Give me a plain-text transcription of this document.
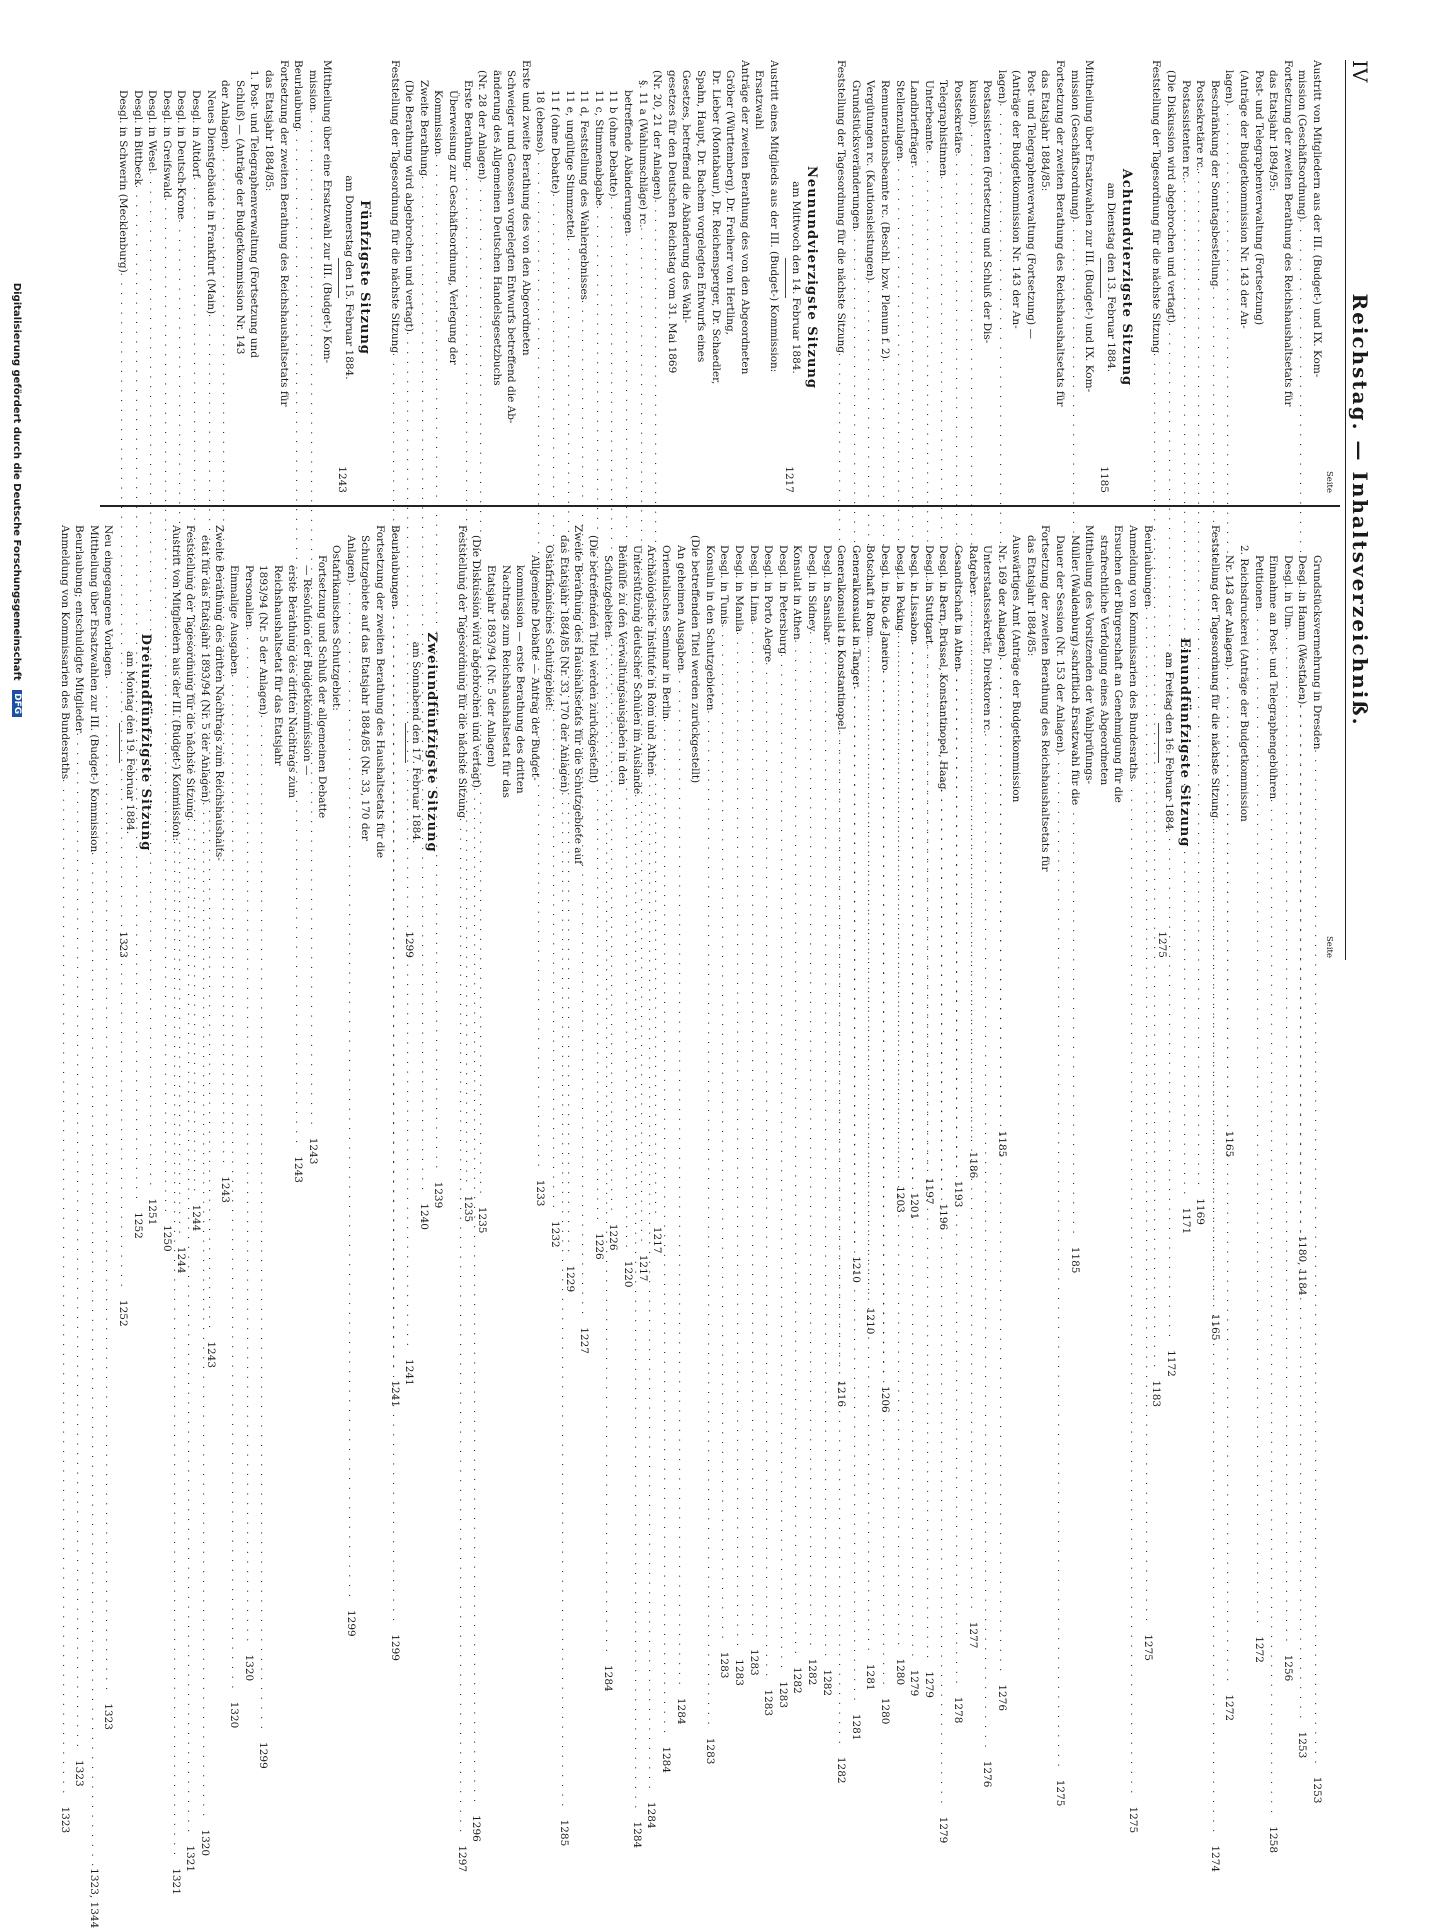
IV
Reichstag. — Inhaltsverzeichniß.
Seite
Austritt von Mitgliedern aus der III. (Budget-) und IX. Kom-
mission (Geschäftsordnung)
. . .
1180, 1184
Fortsetzung der zweiten Berathung des Reichshaushaltsetats für
das Etatsjahr 1894/95:
Post- und Telegraphenverwaltung (Fortsetzung)
(Anträge der Budgetkommission Nr. 143 der An-
lagen)
. . .
1165
Beschränkung der Sonntagsbestellung
. . .
1165
Postsekretäre rc.
. . .
1169
Postassistenten rc.
. . .
1171
(Die Diskussion wird abgebrochen und vertagt)
. . .
1172
Feststellung der Tagesordnung für die nächste Sitzung
. . .
1183
Achtundvierzigste Sitzung
am Dienstag den 13. Februar 1884.
1185
Mittheilung über Ersatzwahlen zur III. (Budget-) und IX. Kom-
mission (Geschäftsordnung)
. . .
1185
Fortsetzung der zweiten Berathung des Reichshaushaltsetats für
das Etatsjahr 1884/85:
Post- und Telegraphenverwaltung (Fortsetzung) —
(Anträge der Budgetkommission Nr. 143 der An-
lagen)
. . .
1185
Postassistenten (Fortsetzung und Schluß der Dis-
kussion)
. . .
1186
Postsekretäre
. . .
1193
Telegraphistinnen
. . .
1196
Unterbeamte
. . .
1197
Landbriefträger
. . .
1201
Stellenzulagen
. . .
1203
Remunerationsbeamte rc. (Beschl. bzw. Plenum f. 2)
. . .
1206
Vergütungen rc. (Kautionsleistungen)
. . .
1210
Grundstücksveränderungen
. . .
1210
Feststellung der Tagesordnung für die nächste Sitzung
. . .
1216
Neunundvierzigste Sitzung
am Mittwoch den 14. Februar 1884.
1217
Austritt eines Mitglieds aus der III. (Budget-) Kommission:
Ersatzwahl
Anträge der zweiten Berathung des von den Abgeordneten
Gröber (Württemberg), Dr. Freiherr von Hertling,
Dr. Lieber (Montabaur), Dr. Reichensperger, Dr. Schaedler,
Spahn, Haupt, Dr. Bachem vorgelegten Entwurfs eines
Gesetzes, betreffend die Abänderung des Wahl-
gesetzes für den Deutschen Reichstag vom 31. Mai 1869
(Nr. 20, 21 der Anlagen)
. . .
1217
§. 11 a (Wahlumschläge) rc.
. . .
1217
betreffende Abänderungen
. . .
1220
11 b (ohne Debatte)
. . .
1226
11 c, Stimmenabgabe
. . .
1226
11 d, Feststellung des Wahlergebnisses
. . .
1227
11 e, ungültige Stimmzettel
. . .
1229
11 f (ohne Debatte)
. . .
1232
18 (ebenso)
. . .
1233
Erste und zweite Berathung des von den Abgeordneten
Schweiger und Genossen vorgelegten Entwurfs betreffend die Ab-
änderung des Allgemeinen Deutschen Handelsgesetzbuchs
(Nr. 28 der Anlagen)
. . .
1235
Erste Berathung
. . .
1235
Überweisung zur Geschäftsordnung, Verlegung der
Kommission
. . .
1239
Zweite Berathung
. . .
1240
(Die Berathung wird abgebrochen und vertagt)
. . .
1241
Feststellung der Tagesordnung für die nächste Sitzung
. . .
1241
Fünfzigste Sitzung
am Donnerstag den 15. Februar 1884.
1243
Mittheilung über eine Ersatzwahl zur III. (Budget-) Kom-
mission
. . .
1243
Beurlaubung
. . .
1243
Fortsetzung der zweiten Berathung des Reichshaushaltsetats für
das Etatsjahr 1884/85:
1. Post- und Telegraphenverwaltung (Fortsetzung und
Schluß) — (Anträge der Budgetkommission Nr. 143
der Anlagen)
. . .
1243
Neues Dienstgebäude in Frankfurt (Main)
. . .
1243
Desgl. in Altdorf
. . .
1244
Desgl. in Deutsch-Krone
. . .
1244
Desgl. in Greifswald
. . .
1250
Desgl. in Wesel
. . .
1251
Desgl. in Bittbeck
. . .
1252
Desgl. in Schwerin (Mecklenburg)
. . .
1252
Seite
Grundstücksvermehrung in Dresden
. . .
1253
Desgl. in Hamm (Westfalen)
. . .
1253
Desgl. in Ulm
. . .
1256
Einnahme an Post- und Telegraphengebühren
. . .
1258
Petitionen
. . .
1272
2. Reichsdruckerei (Anträge der Budgetkommission
Nr. 143 der Anlagen)
. . .
1272
Feststellung der Tagesordnung für die nächste Sitzung
. . .
1274
Einundfünfzigste Sitzung
am Freitag den 16. Februar 1884.
1275
Beurlaubungen
. . .
1275
Anmeldung von Kommissarien des Bundesraths
. . .
1275
Ersuchen der Bürgerschaft an Genehmigung für die
strafrechtliche Verfolgung eines Abgeordneten
Mittheilung des Vorsitzenden der Wahlprüfungs-
Müller (Waldenburg) schriftlich Ersatzwahl für die
Dauer der Session (Nr. 153 der Anlagen)
. . .
1275
Fortsetzung der zweiten Berathung des Reichshaushaltsetats für
das Etatsjahr 1884/85:
Auswärtiges Amt (Anträge der Budgetkommission
Nr. 169 der Anlagen)
. . .
1276
Unterstaatssekretär, Direktoren rc.
. . .
1276
Ratgeber
. . .
1277
Gesandtschaft in Athen
. . .
1278
Desgl. in Bern, Brüssel, Konstantinopel, Haag
. . .
1279
Desgl. in Stuttgart
. . .
1279
Desgl. in Lissabon
. . .
1279
Desgl. in Peking
. . .
1280
Desgl. in Rio de Janeiro
. . .
1280
Botschaft in Rom
. . .
1281
Generalkonsulat in Tanger
. . .
1281
Generalkonsulat in Konstantinopel
. . .
1282
Desgl. in Sansibar
. . .
1282
Desgl. in Sidney
. . .
1282
Konsulat in Athen
. . .
1282
Desgl. in Petersburg
. . .
1283
Desgl. in Porto Alegre
. . .
1283
Desgl. in Lima
. . .
1283
Desgl. in Manila
. . .
1283
Desgl. in Tunis
. . .
1283
Konsuln in den Schutzgebieten
. . .
1283
(Die betreffenden Titel werden zurückgestellt)
An geheimen Ausgaben
. . .
1284
Orientalisches Seminar in Berlin
. . .
1284
Archäologische Institute in Rom und Athen
. . .
1284
Unterstützung deutscher Schulen im Auslande
. . .
1284
Beihülfe zu den Verwaltungsausgaben in den
Schutzgebieten
. . .
1284
(Die betreffenden Titel werden zurückgestellt)
Zweite Berathung des Haushaltsetats für die Schutzgebiete auf
das Etatsjahr 1884/85 (Nr. 33, 170 der Anlagen)
. . .
1285
Ostafrikanisches Schutzgebiet:
Allgemeine Debatte — Antrag der Budget-
kommission — erste Berathung des dritten
Nachtrags zum Reichshaushaltsetat für das
Etatsjahr 1893/94 (Nr. 5 der Anlagen)
(Die Diskussion wird abgebrochen und vertagt)
. . .
1296
Feststellung der Tagesordnung für die nächste Sitzung
. . .
1297
Zweiundfünfzigste Sitzung
am Sonnabend den 17. Februar 1884.
1299
Beurlaubungen
. . .
1299
Fortsetzung der zweiten Berathung des Haushaltsetats für die
Schutzgebiete auf das Etatsjahr 1884/85 (Nr. 33, 170 der
Anlagen)
. . .
1299
Ostafrikanisches Schutzgebiet:
Fortsetzung und Schluß der allgemeinen Debatte
— Resolution der Budgetkommission —
erste Berathung des dritten Nachtrags zum
Reichshaushaltsetat für das Etatsjahr
1893/94 (Nr. 5 der Anlagen)
. . .
1299
Personalien
. . .
1320
Einmalige Ausgaben
. . .
1320
Zweite Berathung des dritten Nachtrags zum Reichshaushalts-
etat für das Etatsjahr 1893/94 (Nr. 5 der Anlagen)
. . .
1320
Feststellung der Tagesordnung für die nächste Sitzung
. . .
1321
Austritt von Mitgliedern aus der III. (Budget-) Kommission:
. . .
1321
Dreiundfünfzigste Sitzung
am Montag den 19. Februar 1884.
1323
Neu eingegangene Vorlagen
. . .
1323
Mittheilung über Ersatzwahlen zur III. (Budget-) Kommission
. . .
1323, 1344
Beurlaubung; entschuldigte Mitglieder
. . .
1323
Anmeldung von Kommissarien des Bundesraths
. . .
1323
Digitalisierung gefördert durch die Deutsche Forschungsgemeinschaft DFG
